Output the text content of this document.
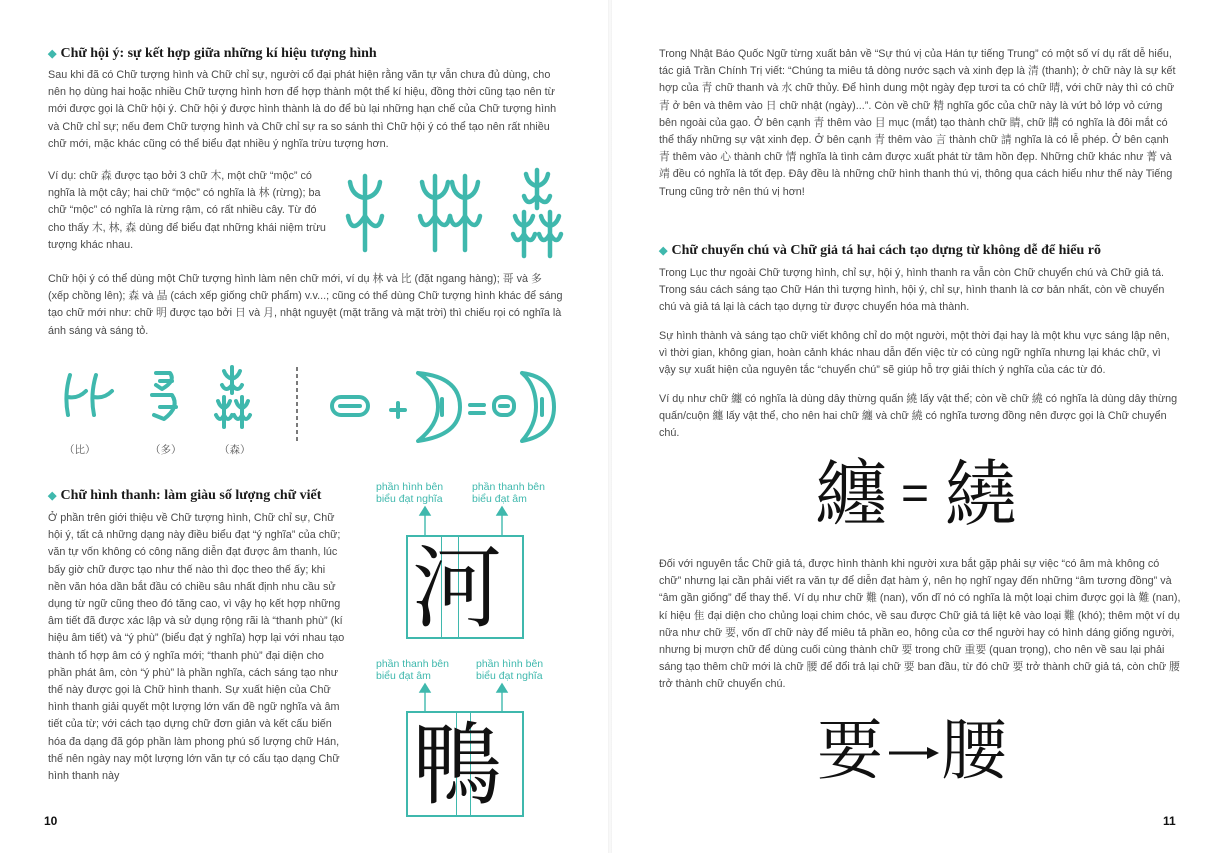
◆ Chữ hội ý: sự kết hợp giữa những kí hiệu tượng hình

Sau khi đã có Chữ tượng hình và Chữ chỉ sự, người cổ đại phát hiện rằng văn tự vẫn chưa đủ dùng, cho nên họ dùng hai hoặc nhiều Chữ tượng hình hơn để hợp thành một thể kí hiệu, đồng thời cũng tạo nên từ mới được gọi là Chữ hội ý. Chữ hội ý được hình thành là do để bù lại những hạn chế của Chữ tượng hình và Chữ chỉ sự; nếu đem Chữ tượng hình và Chữ chỉ sự ra so sánh thì Chữ hội ý có thể tạo nên rất nhiều chữ mới, mặc khác cũng có thể biểu đạt nhiều ý nghĩa trừu tượng hơn.

Ví dụ: chữ 森 được tạo bởi 3 chữ 木, một chữ “mộc” có nghĩa là một cây; hai chữ “mộc” có nghĩa là 林 (rừng); ba chữ “mộc” có nghĩa là rừng rậm, có rất nhiều cây. Từ đó cho thấy 木, 林, 森 dùng để biểu đạt những khái niệm trừu tượng khác nhau.

Chữ hội ý có thể dùng một Chữ tượng hình làm nên chữ mới, ví dụ 林 và 比 (đặt ngang hàng); 哥 và 多 (xếp chồng lên); 森 và 晶 (cách xếp giống chữ phẩm) v.v...; cũng có thể dùng Chữ tượng hình khác để sáng tạo chữ mới như: chữ 明 được tạo bởi 日 và 月, nhật nguyệt (mặt trăng và mặt trời) thì chiếu rọi có nghĩa là ánh sáng và sáng tỏ.

（比）	（多）	（森）
◆ Chữ hình thanh: làm giàu số lượng chữ viết

Ở phần trên giới thiệu về Chữ tượng hình, Chữ chỉ sự, Chữ hội ý, tất cả những dạng này điều biểu đạt “ý nghĩa” của chữ; văn tự vốn không có công năng diễn đạt được âm thanh, lúc bấy giờ chữ được tạo như thế nào thì đọc theo thế ấy; khi nền văn hóa dần bắt đầu có chiều sâu nhất định nhu cầu sử dụng từ ngữ cũng theo đó tăng cao, vì vậy họ kết hợp những âm tiết đã được xác lập và sử dụng rộng rãi là “thanh phù” (kí hiệu âm tiết) và “ý phù” (biểu đạt ý nghĩa) hợp lại với nhau tạo thành tổ hợp âm có ý nghĩa mới; “thanh phù” đại diện cho phần phát âm, còn “ý phù” là phần nghĩa, cách sáng tạo như thế này được gọi là Chữ hình thanh. Sự xuất hiện của Chữ hình thanh giải quyết một lượng lớn vấn đề ngữ nghĩa và âm tiết của từ; với cách tạo dựng chữ đơn giản và kết cấu biến hóa đa dạng đã góp phần làm phong phú số lượng chữ Hán, thế nên ngày nay một lượng lớn văn tự có cấu tạo dạng Chữ hình thanh này

phần hình bên
biểu đạt nghĩa
phần thanh bên
biểu đạt âm
河
phần thanh bên
biểu đạt âm
phần hình bên
biểu đạt nghĩa
鴨
10

Trong Nhật Báo Quốc Ngữ từng xuất bản về “Sự thú vị của Hán tự tiếng Trung” có một số ví dụ rất dễ hiểu, tác giả Trần Chính Trị viết: “Chúng ta miêu tả dòng nước sạch và xinh đẹp là 清 (thanh); ở chữ này là sự kết hợp của 青 chữ thanh và 水 chữ thủy. Để hình dung một ngày đẹp tươi ta có chữ 晴, với chữ này thì có chữ 青 ở bên và thêm vào 日 chữ nhật (ngày)...”. Còn về chữ 精 nghĩa gốc của chữ này là vứt bỏ lớp vỏ cứng bên ngoài của gạo. Ở bên cạnh 青 thêm vào 目 mục (mắt) tạo thành chữ 睛, chữ 睛 có nghĩa là đôi mắt có thể thấy những sự vật xinh đẹp. Ở bên cạnh 青 thêm vào 言 thành chữ 請 nghĩa là có lễ phép. Ở bên cạnh 青 thêm vào 心 thành chữ 情 nghĩa là tình cảm được xuất phát từ tâm hồn đẹp. Những chữ khác như 菁 và 靖 đều có nghĩa là tốt đẹp. Đây đều là những chữ hình thanh thú vị, thông qua cách hiểu như thế này Tiếng Trung cũng trở nên thú vị hơn!

◆ Chữ chuyển chú và Chữ giả tá hai cách tạo dựng từ không dễ để hiểu rõ

Trong Lục thư ngoài Chữ tượng hình, chỉ sự, hội ý, hình thanh ra vẫn còn Chữ chuyển chú và Chữ giả tá. Trong sáu cách sáng tạo Chữ Hán thì tượng hình, hội ý, chỉ sự, hình thanh là cơ bản nhất, còn về chuyển chú và giả tá lại là cách tạo dựng từ được chuyển hóa mà thành.

Sự hình thành và sáng tạo chữ viết không chỉ do một người, một thời đại hay là một khu vực sáng lập nên, vì thời gian, không gian, hoàn cảnh khác nhau dẫn đến việc từ có cùng ngữ nghĩa nhưng lại khác chữ, vì vậy sự xuất hiện của nguyên tắc “chuyển chú” sẽ giúp hỗ trợ giải thích ý nghĩa của các từ đó.

Ví dụ như chữ 纏 có nghĩa là dùng dây thừng quấn 繞 lấy vật thể; còn về chữ 繞 có nghĩa là dùng dây thừng quấn/cuộn 纏 lấy vật thể, cho nên hai chữ 纏 và chữ 繞 có nghĩa tương đồng nên được gọi là Chữ chuyển chú.

纏 = 繞

Đối với nguyên tắc Chữ giả tá, được hình thành khi người xưa bắt gặp phải sự việc “có âm mà không có chữ” nhưng lại cần phải viết ra văn tự để diễn đạt hàm ý, nên họ nghĩ ngay đến những “âm tương đồng” và “âm gần giống” để thay thế. Ví dụ như chữ 難 (nan), vốn dĩ nó có nghĩa là một loại chim được gọi là 難 (nan), kí hiệu 隹 đại diện cho chủng loại chim chóc, về sau được Chữ giả tá liệt kê vào loại 難 (khó); thêm một ví dụ nữa như chữ 要, vốn dĩ chữ này để miêu tả phần eo, hông của cơ thể người hay có hình dáng giống người, nhưng bị mượn chữ để dùng cuối cùng thành chữ 要 trong chữ 重要 (quan trọng), cho nên về sau lại phải sáng tạo thêm chữ mới là chữ 腰 để đổi trả lại chữ 要 ban đầu, từ đó chữ 要 trở thành chữ giả tá, còn chữ 腰 trở thành chữ chuyển chú.

要 腰
11
